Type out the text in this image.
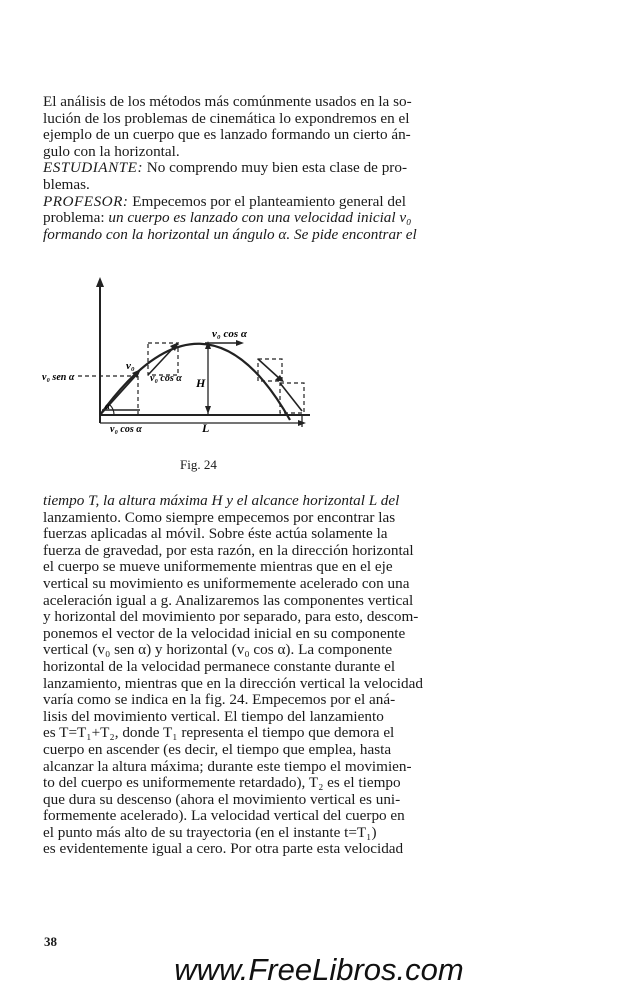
El análisis de los métodos más comúnmente usados en la so-
lución de los problemas de cinemática lo expondremos en el
ejemplo de un cuerpo que es lanzado formando un cierto án-
gulo con la horizontal.

ESTUDIANTE: No comprendo muy bien esta clase de pro-
blemas.

PROFESOR: Empecemos por el planteamiento general del
problema: un cuerpo es lanzado con una velocidad inicial v₀
formando con la horizontal un ángulo α. Se pide encontrar el

v₀ cos α
v₀ sen α
v₀
v₀ cos α
v₀ cos α
α
H
L
Fig. 24

tiempo T, la altura máxima H y el alcance horizontal L del
lanzamiento. Como siempre empecemos por encontrar las
fuerzas aplicadas al móvil. Sobre éste actúa solamente la
fuerza de gravedad, por esta razón, en la dirección horizontal
el cuerpo se mueve uniformemente mientras que en el eje
vertical su movimiento es uniformemente acelerado con una
aceleración igual a g. Analizaremos las componentes vertical
y horizontal del movimiento por separado, para esto, descom-
ponemos el vector de la velocidad inicial en su componente
vertical (v₀ sen α) y horizontal (v₀ cos α). La componente
horizontal de la velocidad permanece constante durante el
lanzamiento, mientras que en la dirección vertical la velocidad
varía como se indica en la fig. 24. Empecemos por el aná-
lisis del movimiento vertical. El tiempo del lanzamiento
es T=T₁+T₂, donde T₁ representa el tiempo que demora el
cuerpo en ascender (es decir, el tiempo que emplea, hasta
alcanzar la altura máxima; durante este tiempo el movimien-
to del cuerpo es uniformemente retardado), T₂ es el tiempo
que dura su descenso (ahora el movimiento vertical es uni-
formemente acelerado). La velocidad vertical del cuerpo en
el punto más alto de su trayectoria (en el instante t=T₁)
es evidentemente igual a cero. Por otra parte esta velocidad

38
www.FreeLibros.com
